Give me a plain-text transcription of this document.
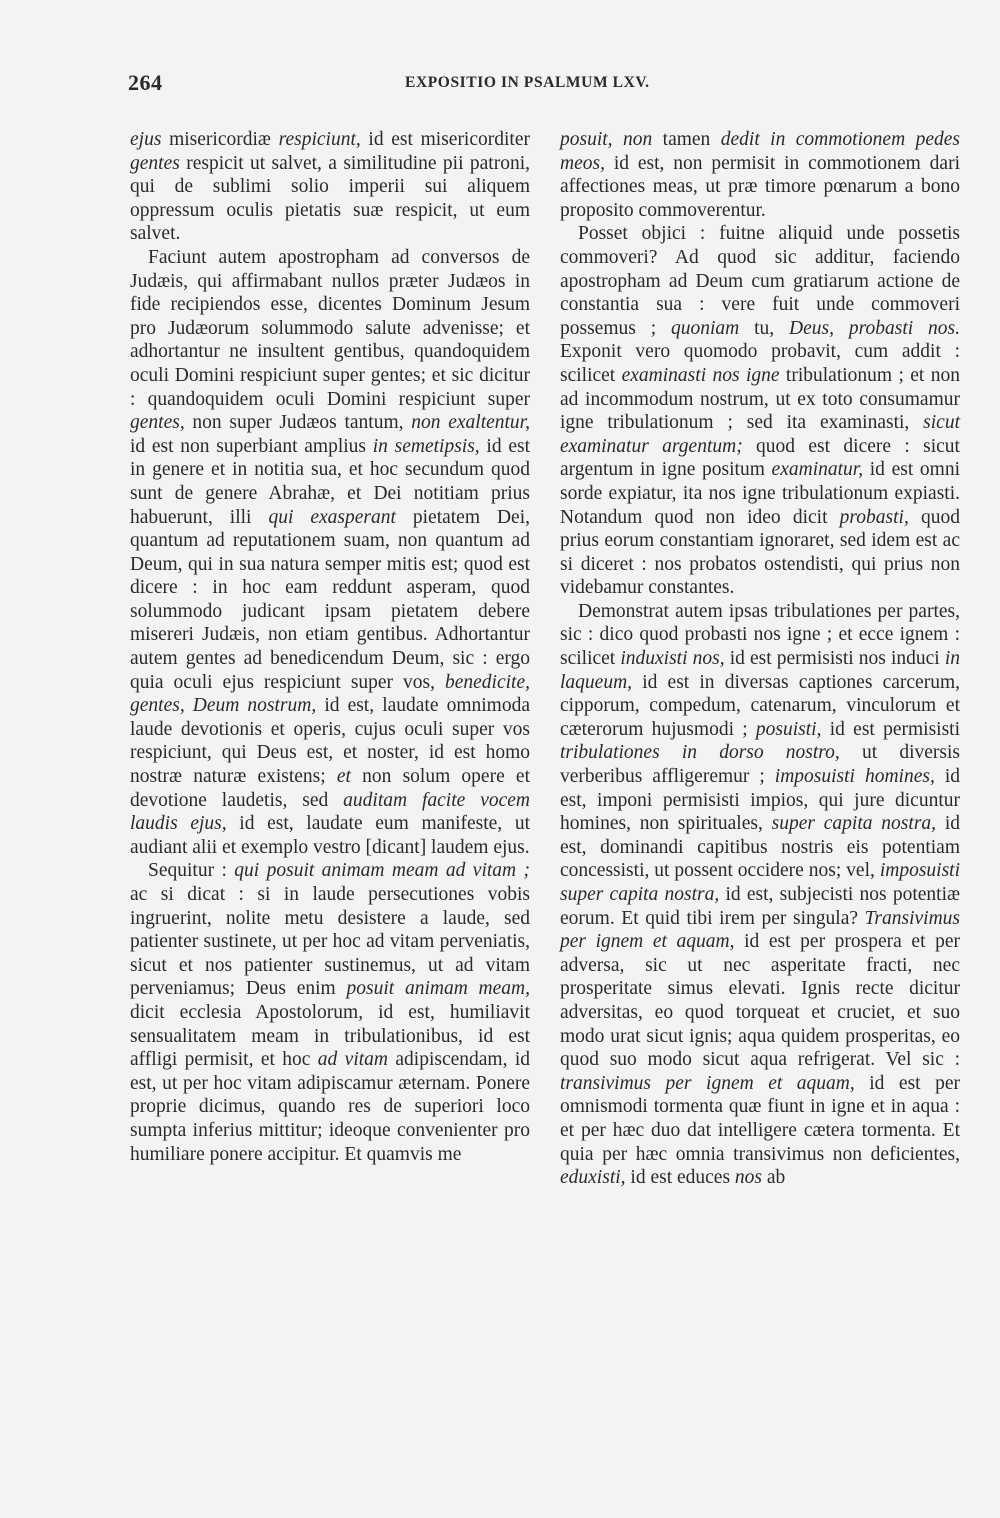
264	EXPOSITIO IN PSALMUM LXV.

ejus misericordiæ respiciunt, id est misericorditer gentes respicit ut salvet, a similitudine pii patroni, qui de sublimi solio imperii sui aliquem oppressum oculis pietatis suæ respicit, ut eum salvet.

Faciunt autem apostropham ad conversos de Judæis, qui affirmabant nullos præter Judæos in fide recipiendos esse, dicentes Dominum Jesum pro Judæorum solummodo salute advenisse; et adhortantur ne insultent gentibus, quandoquidem oculi Domini respiciunt super gentes; et sic dicitur : quandoquidem oculi Domini respiciunt super gentes, non super Judæos tantum, non exaltentur, id est non superbiant amplius in semetipsis, id est in genere et in notitia sua, et hoc secundum quod sunt de genere Abrahæ, et Dei notitiam prius habuerunt, illi qui exasperant pietatem Dei, quantum ad reputationem suam, non quantum ad Deum, qui in sua natura semper mitis est; quod est dicere : in hoc eam reddunt asperam, quod solummodo judicant ipsam pietatem debere misereri Judæis, non etiam gentibus. Adhortantur autem gentes ad benedicendum Deum, sic : ergo quia oculi ejus respiciunt super vos, benedicite, gentes, Deum nostrum, id est, laudate omnimoda laude devotionis et operis, cujus oculi super vos respiciunt, qui Deus est, et noster, id est homo nostræ naturæ existens; et non solum opere et devotione laudetis, sed auditam facite vocem laudis ejus, id est, laudate eum manifeste, ut audiant alii et exemplo vestro [dicant] laudem ejus.

Sequitur : qui posuit animam meam ad vitam ; ac si dicat : si in laude persecutiones vobis ingruerint, nolite metu desistere a laude, sed patienter sustinete, ut per hoc ad vitam perveniatis, sicut et nos patienter sustinemus, ut ad vitam perveniamus; Deus enim posuit animam meam, dicit ecclesia Apostolorum, id est, humiliavit sensualitatem meam in tribulationibus, id est affligi permisit, et hoc ad vitam adipiscendam, id est, ut per hoc vitam adipiscamur æternam. Ponere proprie dicimus, quando res de superiori loco sumpta inferius mittitur; ideoque convenienter pro humiliare ponere accipitur. Et quamvis me

posuit, non tamen dedit in commotionem pedes meos, id est, non permisit in commotionem dari affectiones meas, ut præ timore pœnarum a bono proposito commoverentur.

Posset objici : fuitne aliquid unde possetis commoveri? Ad quod sic additur, faciendo apostropham ad Deum cum gratiarum actione de constantia sua : vere fuit unde commoveri possemus ; quoniam tu, Deus, probasti nos. Exponit vero quomodo probavit, cum addit : scilicet examinasti nos igne tribulationum ; et non ad incommodum nostrum, ut ex toto consumamur igne tribulationum ; sed ita examinasti, sicut examinatur argentum; quod est dicere : sicut argentum in igne positum examinatur, id est omni sorde expiatur, ita nos igne tribulationum expiasti. Notandum quod non ideo dicit probasti, quod prius eorum constantiam ignoraret, sed idem est ac si diceret : nos probatos ostendisti, qui prius non videbamur constantes.

Demonstrat autem ipsas tribulationes per partes, sic : dico quod probasti nos igne ; et ecce ignem : scilicet induxisti nos, id est permisisti nos induci in laqueum, id est in diversas captiones carcerum, cipporum, compedum, catenarum, vinculorum et cæterorum hujusmodi ; posuisti, id est permisisti tribulationes in dorso nostro, ut diversis verberibus affligeremur ; imposuisti homines, id est, imponi permisisti impios, qui jure dicuntur homines, non spirituales, super capita nostra, id est, dominandi capitibus nostris eis potentiam concessisti, ut possent occidere nos; vel, imposuisti super capita nostra, id est, subjecisti nos potentiæ eorum. Et quid tibi irem per singula? Transivimus per ignem et aquam, id est per prospera et per adversa, sic ut nec asperitate fracti, nec prosperitate simus elevati. Ignis recte dicitur adversitas, eo quod torqueat et cruciet, et suo modo urat sicut ignis; aqua quidem prosperitas, eo quod suo modo sicut aqua refrigerat. Vel sic : transivimus per ignem et aquam, id est per omnismodi tormenta quæ fiunt in igne et in aqua : et per hæc duo dat intelligere cætera tormenta. Et quia per hæc omnia transivimus non deficientes, eduxisti, id est educes nos ab
